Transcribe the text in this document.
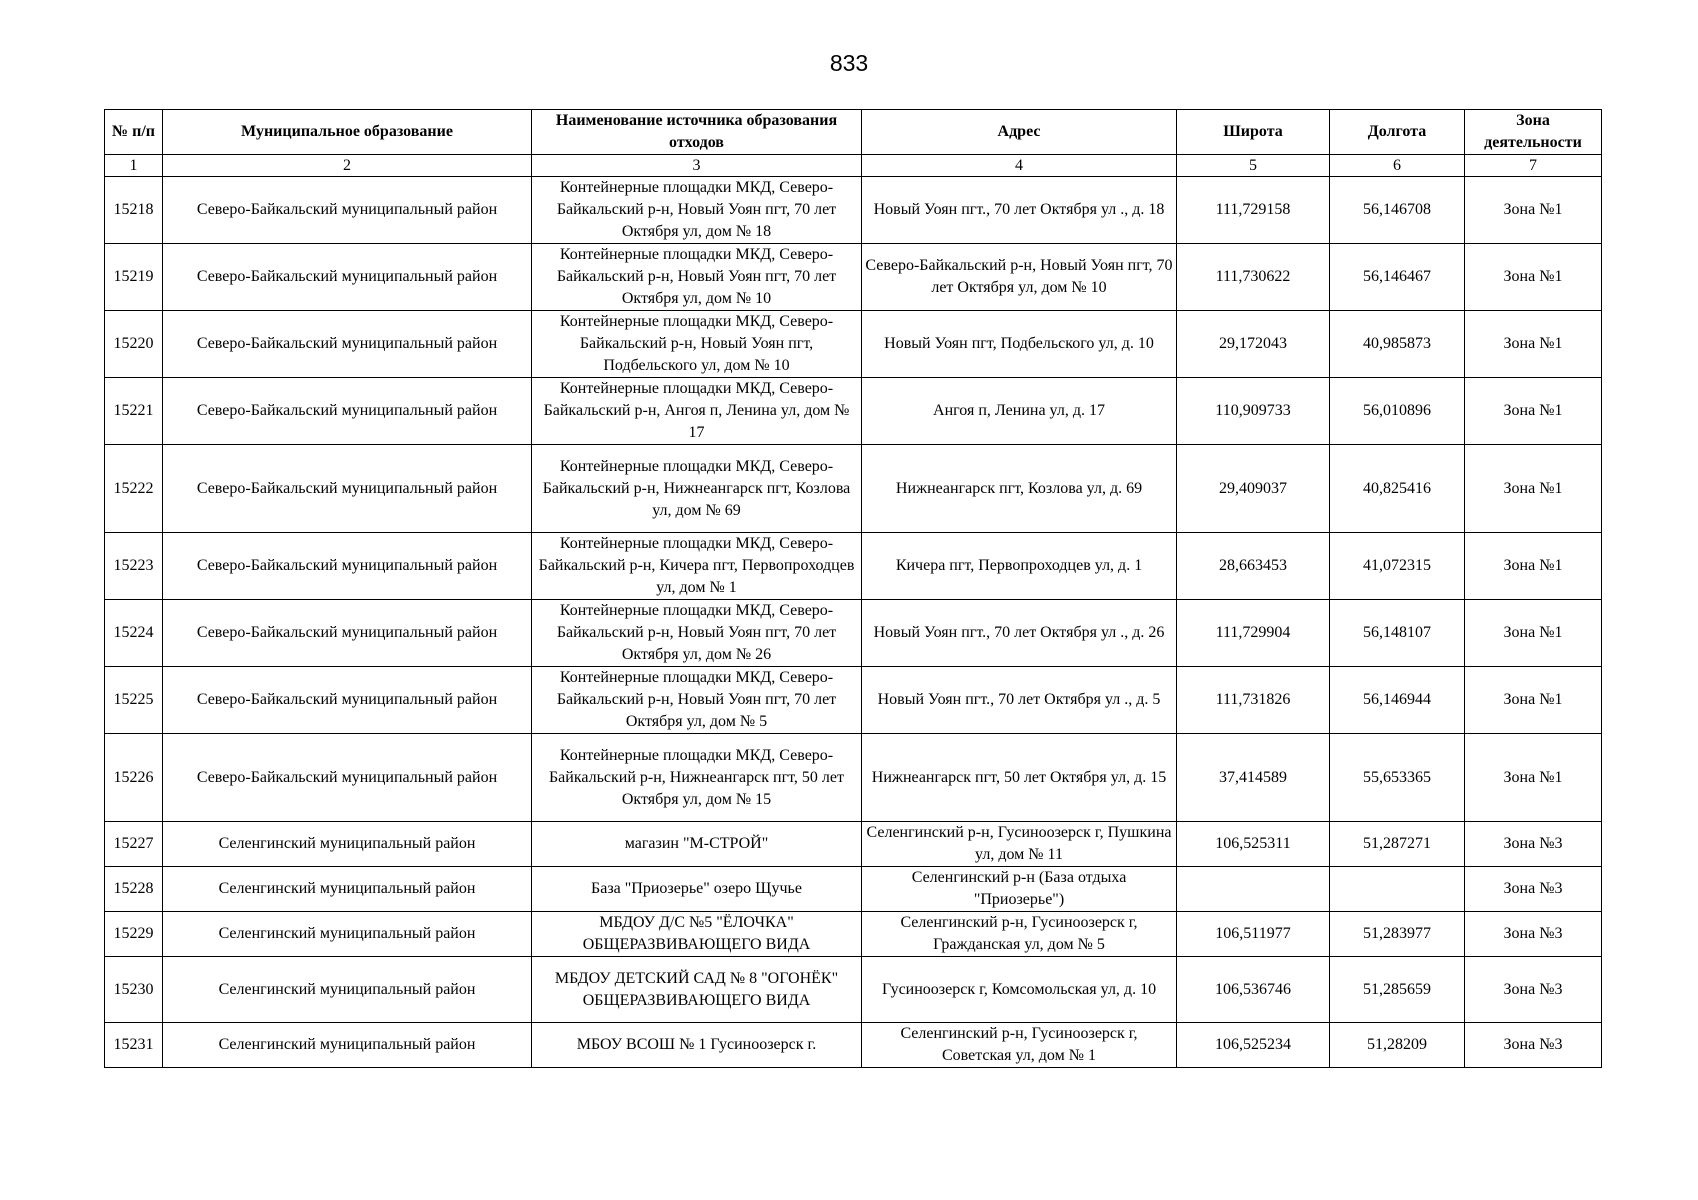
833
№ п/п	Муниципальное образование	Наименование источника образования отходов	Адрес	Широта	Долгота	Зона деятельности
1	2	3	4	5	6	7
15218	Северо-Байкальский муниципальный район	Контейнерные площадки МКД, Северо-Байкальский р-н, Новый Уоян пгт, 70 лет Октября ул, дом № 18	Новый Уоян пгт., 70 лет Октября ул ., д. 18	111,729158	56,146708	Зона №1
15219	Северо-Байкальский муниципальный район	Контейнерные площадки МКД, Северо-Байкальский р-н, Новый Уоян пгт, 70 лет Октября ул, дом № 10	Северо-Байкальский р-н, Новый Уоян пгт, 70 лет Октября ул, дом № 10	111,730622	56,146467	Зона №1
15220	Северо-Байкальский муниципальный район	Контейнерные площадки МКД, Северо-Байкальский р-н, Новый Уоян пгт, Подбельского ул, дом № 10	Новый Уоян пгт, Подбельского ул, д. 10	29,172043	40,985873	Зона №1
15221	Северо-Байкальский муниципальный район	Контейнерные площадки МКД, Северо-Байкальский р-н, Ангоя п, Ленина ул, дом № 17	Ангоя п, Ленина ул, д. 17	110,909733	56,010896	Зона №1
15222	Северо-Байкальский муниципальный район	Контейнерные площадки МКД, Северо-Байкальский р-н, Нижнеангарск пгт, Козлова ул, дом № 69	Нижнеангарск пгт, Козлова ул, д. 69	29,409037	40,825416	Зона №1
15223	Северо-Байкальский муниципальный район	Контейнерные площадки МКД, Северо-Байкальский р-н, Кичера пгт, Первопроходцев ул, дом № 1	Кичера пгт, Первопроходцев ул, д. 1	28,663453	41,072315	Зона №1
15224	Северо-Байкальский муниципальный район	Контейнерные площадки МКД, Северо-Байкальский р-н, Новый Уоян пгт, 70 лет Октября ул, дом № 26	Новый Уоян пгт., 70 лет Октября ул ., д. 26	111,729904	56,148107	Зона №1
15225	Северо-Байкальский муниципальный район	Контейнерные площадки МКД, Северо-Байкальский р-н, Новый Уоян пгт, 70 лет Октября ул, дом № 5	Новый Уоян пгт., 70 лет Октября ул ., д. 5	111,731826	56,146944	Зона №1
15226	Северо-Байкальский муниципальный район	Контейнерные площадки МКД, Северо-Байкальский р-н, Нижнеангарск пгт, 50 лет Октября ул, дом № 15	Нижнеангарск пгт, 50 лет Октября ул, д. 15	37,414589	55,653365	Зона №1
15227	Селенгинский муниципальный район	магазин "М-СТРОЙ"	Селенгинский р-н, Гусиноозерск г, Пушкина ул, дом № 11	106,525311	51,287271	Зона №3
15228	Селенгинский муниципальный район	База "Приозерье" озеро Щучье	Селенгинский р-н (База отдыха "Приозерье")			Зона №3
15229	Селенгинский муниципальный район	МБДОУ Д/С №5 "ЁЛОЧКА" ОБЩЕРАЗВИВАЮЩЕГО ВИДА	Селенгинский р-н, Гусиноозерск г, Гражданская ул, дом № 5	106,511977	51,283977	Зона №3
15230	Селенгинский муниципальный район	МБДОУ ДЕТСКИЙ САД № 8 "ОГОНЁК" ОБЩЕРАЗВИВАЮЩЕГО ВИДА	Гусиноозерск г, Комсомольская ул, д. 10	106,536746	51,285659	Зона №3
15231	Селенгинский муниципальный район	МБОУ ВСОШ № 1 Гусиноозерск г.	Селенгинский р-н, Гусиноозерск г, Советская ул, дом № 1	106,525234	51,28209	Зона №3
